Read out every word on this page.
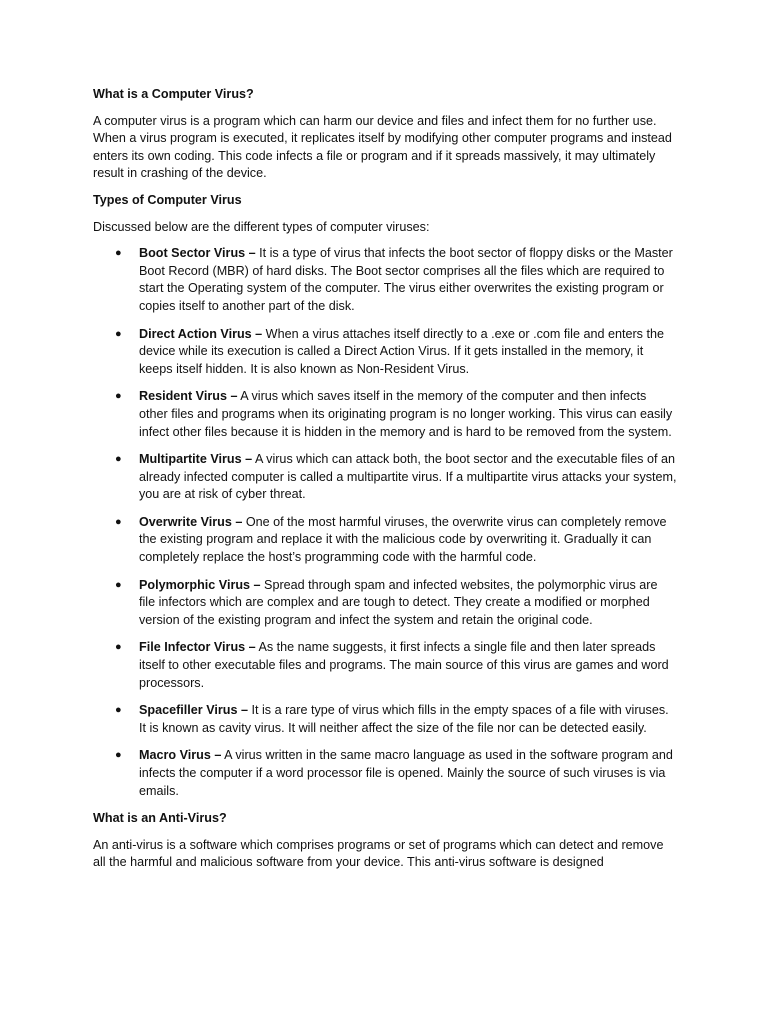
What is a Computer Virus?
A computer virus is a program which can harm our device and files and infect them for no further use. When a virus program is executed, it replicates itself by modifying other computer programs and instead enters its own coding. This code infects a file or program and if it spreads massively, it may ultimately result in crashing of the device.
Types of Computer Virus
Discussed below are the different types of computer viruses:
● Boot Sector Virus – It is a type of virus that infects the boot sector of floppy disks or the Master Boot Record (MBR) of hard disks. The Boot sector comprises all the files which are required to start the Operating system of the computer. The virus either overwrites the existing program or copies itself to another part of the disk.
● Direct Action Virus – When a virus attaches itself directly to a .exe or .com file and enters the device while its execution is called a Direct Action Virus. If it gets installed in the memory, it keeps itself hidden. It is also known as Non-Resident Virus.
● Resident Virus – A virus which saves itself in the memory of the computer and then infects other files and programs when its originating program is no longer working. This virus can easily infect other files because it is hidden in the memory and is hard to be removed from the system.
● Multipartite Virus – A virus which can attack both, the boot sector and the executable files of an already infected computer is called a multipartite virus. If a multipartite virus attacks your system, you are at risk of cyber threat.
● Overwrite Virus – One of the most harmful viruses, the overwrite virus can completely remove the existing program and replace it with the malicious code by overwriting it. Gradually it can completely replace the host’s programming code with the harmful code.
● Polymorphic Virus – Spread through spam and infected websites, the polymorphic virus are file infectors which are complex and are tough to detect. They create a modified or morphed version of the existing program and infect the system and retain the original code.
● File Infector Virus – As the name suggests, it first infects a single file and then later spreads itself to other executable files and programs. The main source of this virus are games and word processors.
● Spacefiller Virus – It is a rare type of virus which fills in the empty spaces of a file with viruses. It is known as cavity virus. It will neither affect the size of the file nor can be detected easily.
● Macro Virus – A virus written in the same macro language as used in the software program and infects the computer if a word processor file is opened. Mainly the source of such viruses is via emails.
What is an Anti-Virus?
An anti-virus is a software which comprises programs or set of programs which can detect and remove all the harmful and malicious software from your device. This anti-virus software is designed
